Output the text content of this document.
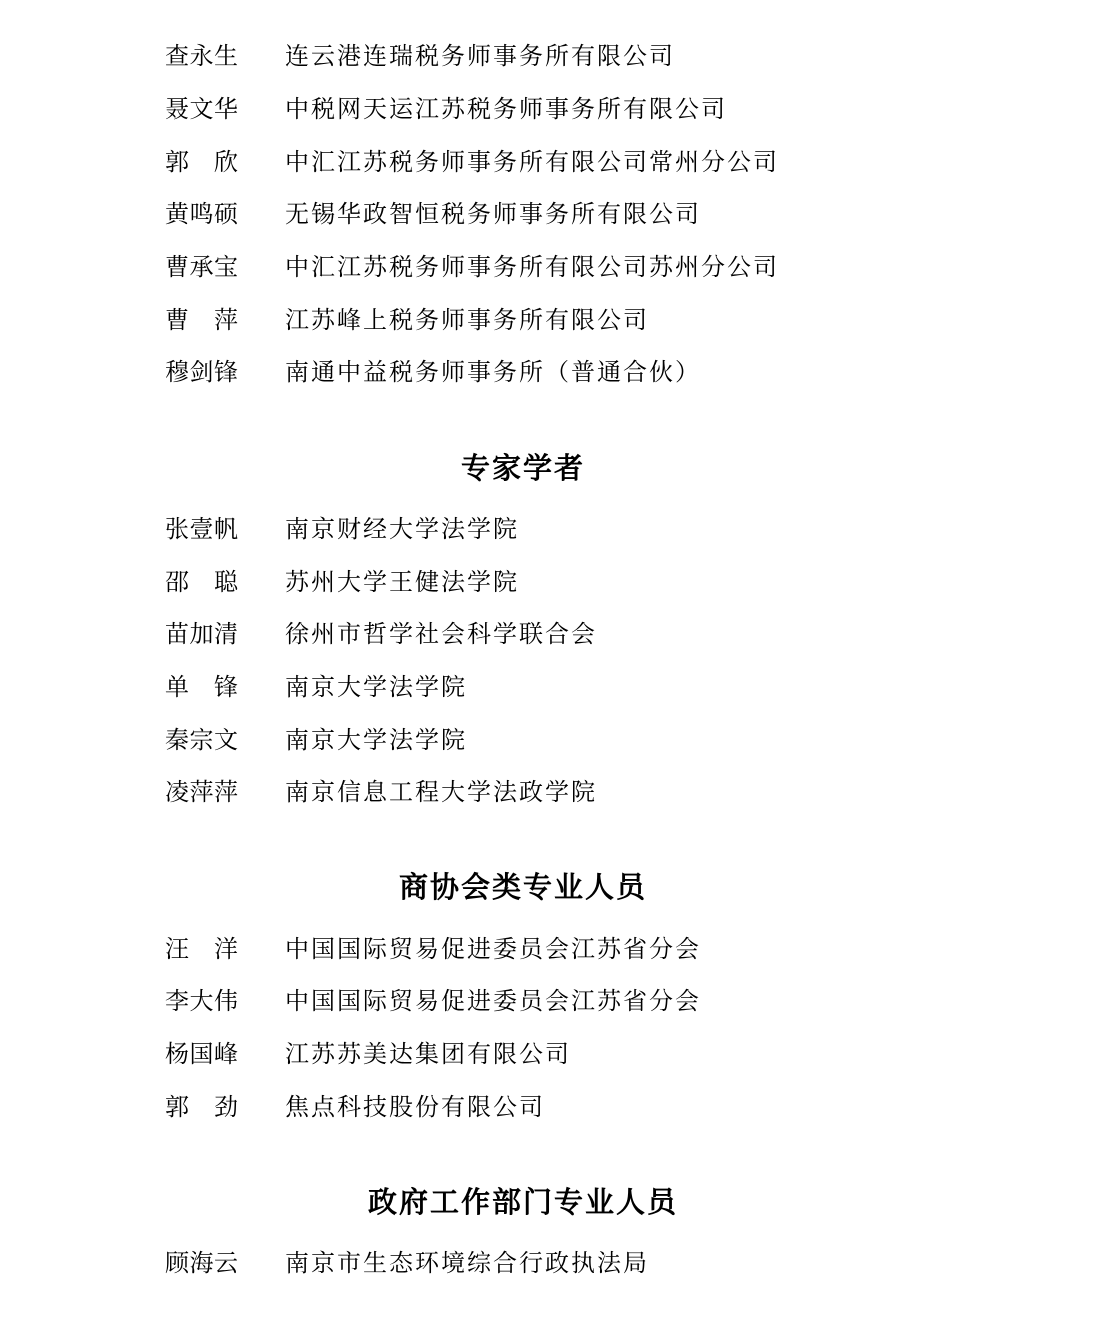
查永生 连云港连瑞税务师事务所有限公司
聂文华 中税网天运江苏税务师事务所有限公司
郭　欣 中汇江苏税务师事务所有限公司常州分公司
黄鸣硕 无锡华政智恒税务师事务所有限公司
曹承宝 中汇江苏税务师事务所有限公司苏州分公司
曹　萍 江苏峰上税务师事务所有限公司
穆剑锋 南通中益税务师事务所（普通合伙）
专家学者
张壹帆 南京财经大学法学院
邵　聪 苏州大学王健法学院
苗加清 徐州市哲学社会科学联合会
单　锋 南京大学法学院
秦宗文 南京大学法学院
凌萍萍 南京信息工程大学法政学院
商协会类专业人员
汪　洋 中国国际贸易促进委员会江苏省分会
李大伟 中国国际贸易促进委员会江苏省分会
杨国峰 江苏苏美达集团有限公司
郭　劲 焦点科技股份有限公司
政府工作部门专业人员
顾海云 南京市生态环境综合行政执法局
